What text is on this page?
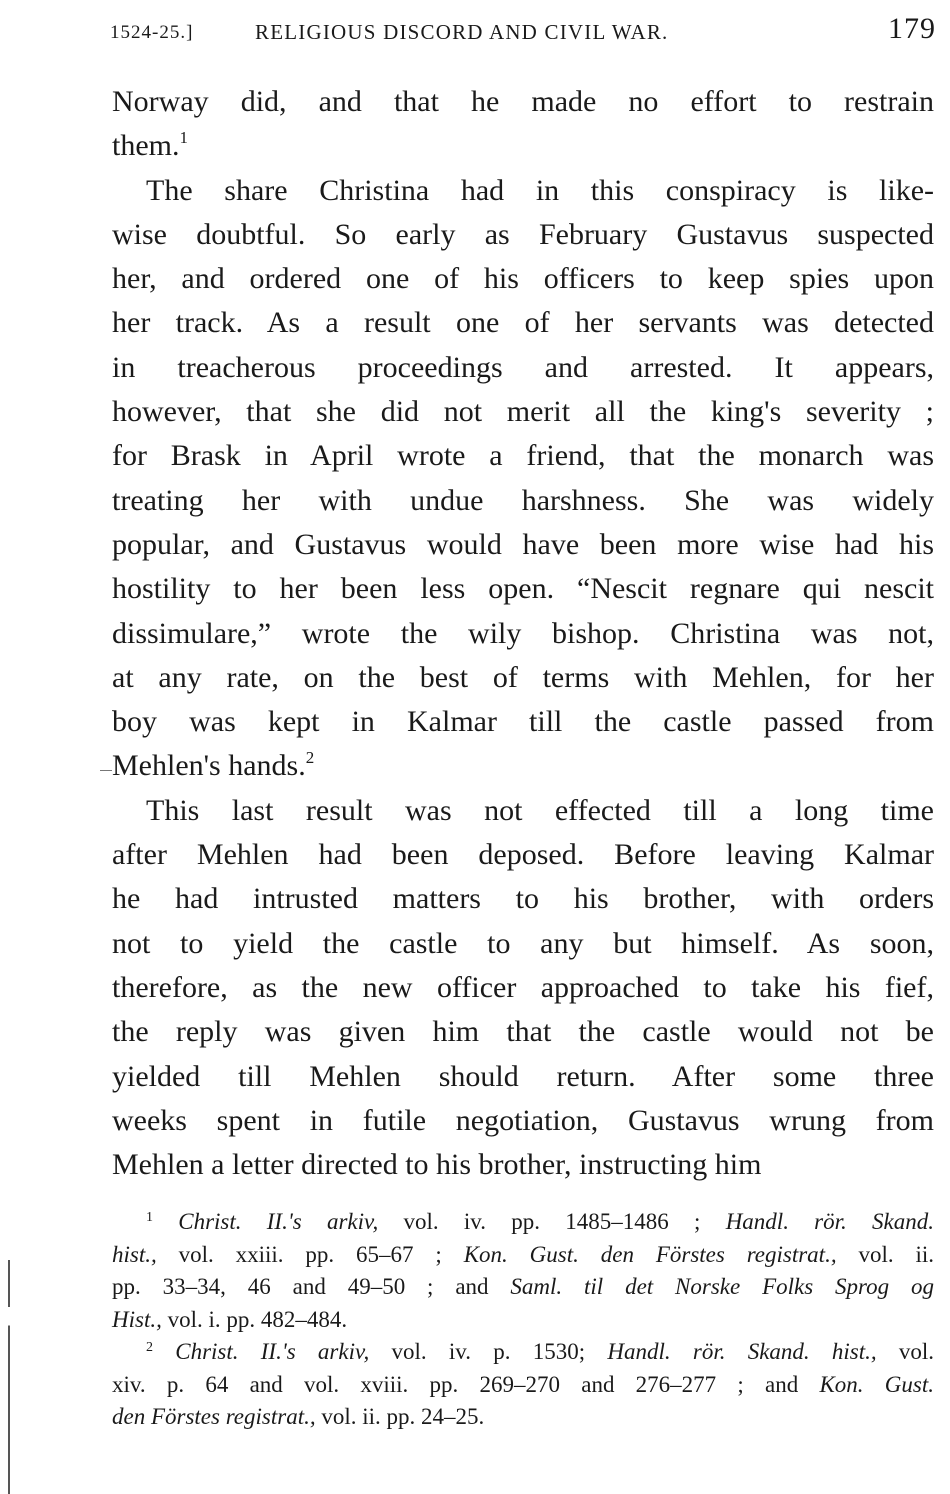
1524-25.]	RELIGIOUS DISCORD AND CIVIL WAR.	179
Norway did, and that he made no effort to restrain
them.$^1$
The share Christina had in this conspiracy is like-
wise doubtful. So early as February Gustavus suspected
her, and ordered one of his officers to keep spies upon
her track. As a result one of her servants was detected
in treacherous proceedings and arrested. It appears,
however, that she did not merit all the king's severity ;
for Brask in April wrote a friend, that the monarch was
treating her with undue harshness. She was widely
popular, and Gustavus would have been more wise had his
hostility to her been less open. “Nescit regnare qui nescit
dissimulare,” wrote the wily bishop. Christina was not,
at any rate, on the best of terms with Mehlen, for her
boy was kept in Kalmar till the castle passed from
Mehlen's hands.$^2$
This last result was not effected till a long time
after Mehlen had been deposed. Before leaving Kalmar
he had intrusted matters to his brother, with orders
not to yield the castle to any but himself. As soon,
therefore, as the new officer approached to take his fief,
the reply was given him that the castle would not be
yielded till Mehlen should return. After some three
weeks spent in futile negotiation, Gustavus wrung from
Mehlen a letter directed to his brother, instructing him
$^1$ Christ. II.'s arkiv, vol. iv. pp. 1485–1486 ; Handl. rör. Skand.
hist., vol. xxiii. pp. 65–67 ; Kon. Gust. den Förstes registrat., vol. ii.
pp. 33–34, 46 and 49–50 ; and Saml. til det Norske Folks Sprog og
Hist., vol. i. pp. 482–484.
$^2$ Christ. II.'s arkiv, vol. iv. p. 1530; Handl. rör. Skand. hist., vol.
xiv. p. 64 and vol. xviii. pp. 269–270 and 276–277 ; and Kon. Gust.
den Förstes registrat., vol. ii. pp. 24–25.
